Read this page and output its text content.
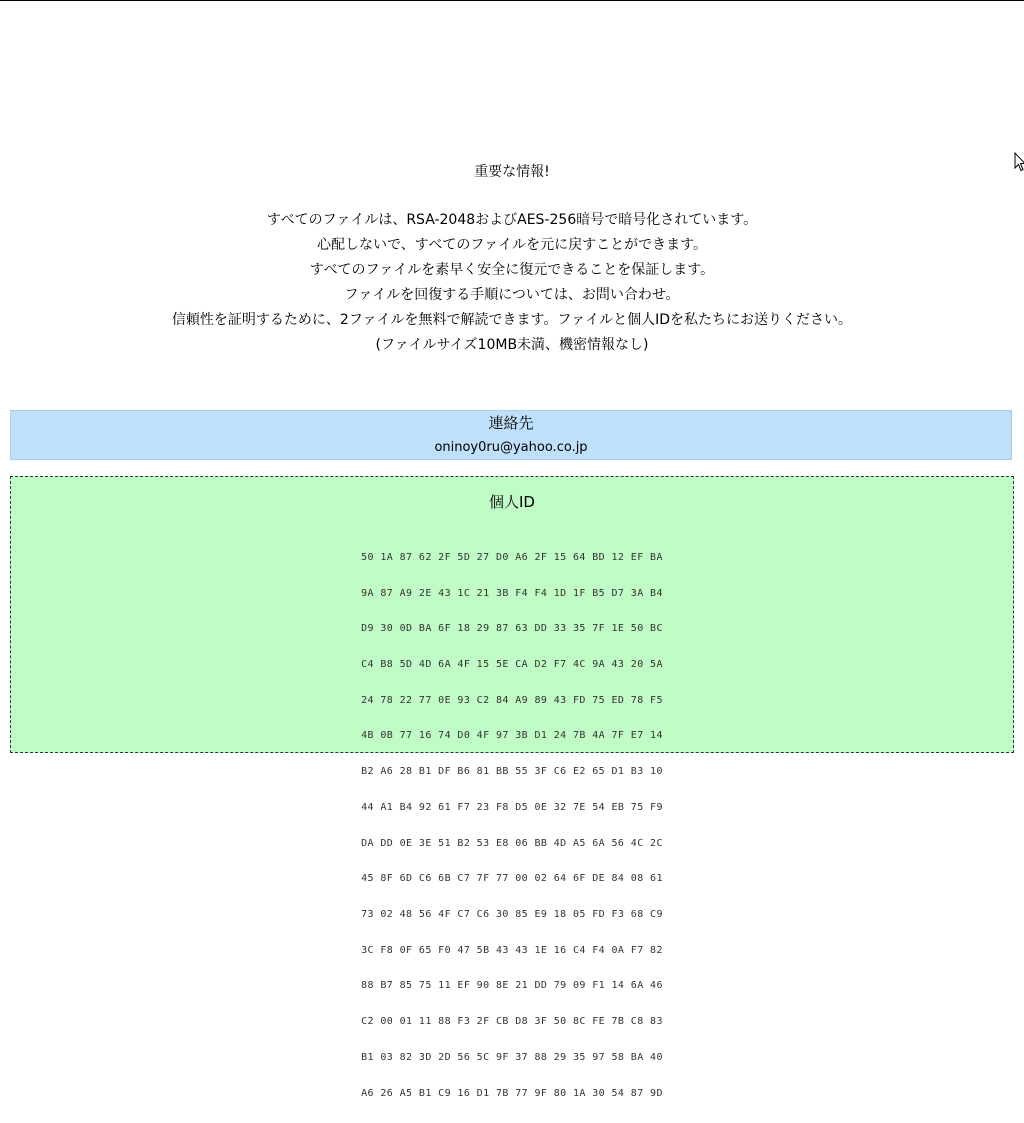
重要な情報!
すべてのファイルは、RSA-2048およびAES-256暗号で暗号化されています。
心配しないで、すべてのファイルを元に戻すことができます。
すべてのファイルを素早く安全に復元できることを保証します。
ファイルを回復する手順については、お問い合わせ。
信頼性を証明するために、2ファイルを無料で解読できます。ファイルと個人IDを私たちにお送りください。
(ファイルサイズ10MB未満、機密情報なし)
連絡先
oninoy0ru@yahoo.co.jp
個人ID

50 1A 87 62 2F 5D 27 D0 A6 2F 15 64 BD 12 EF BA

9A 87 A9 2E 43 1C 21 3B F4 F4 1D 1F B5 D7 3A B4

D9 30 0D BA 6F 18 29 87 63 DD 33 35 7F 1E 50 BC

C4 B8 5D 4D 6A 4F 15 5E CA D2 F7 4C 9A 43 20 5A

24 78 22 77 0E 93 C2 84 A9 89 43 FD 75 ED 78 F5

4B 0B 77 16 74 D0 4F 97 3B D1 24 7B 4A 7F E7 14

B2 A6 28 B1 DF B6 81 BB 55 3F C6 E2 65 D1 B3 10

44 A1 B4 92 61 F7 23 F8 D5 0E 32 7E 54 EB 75 F9

DA DD 0E 3E 51 B2 53 E8 06 BB 4D A5 6A 56 4C 2C

45 8F 6D C6 6B C7 7F 77 00 02 64 6F DE 84 08 61

73 02 48 56 4F C7 C6 30 85 E9 18 05 FD F3 68 C9

3C F8 0F 65 F0 47 5B 43 43 1E 16 C4 F4 0A F7 82

88 B7 85 75 11 EF 90 8E 21 DD 79 09 F1 14 6A 46

C2 00 01 11 88 F3 2F CB D8 3F 50 8C FE 7B C8 83

B1 03 82 3D 2D 56 5C 9F 37 88 29 35 97 58 BA 40

A6 26 A5 B1 C9 16 D1 7B 77 9F 80 1A 30 54 87 9D
